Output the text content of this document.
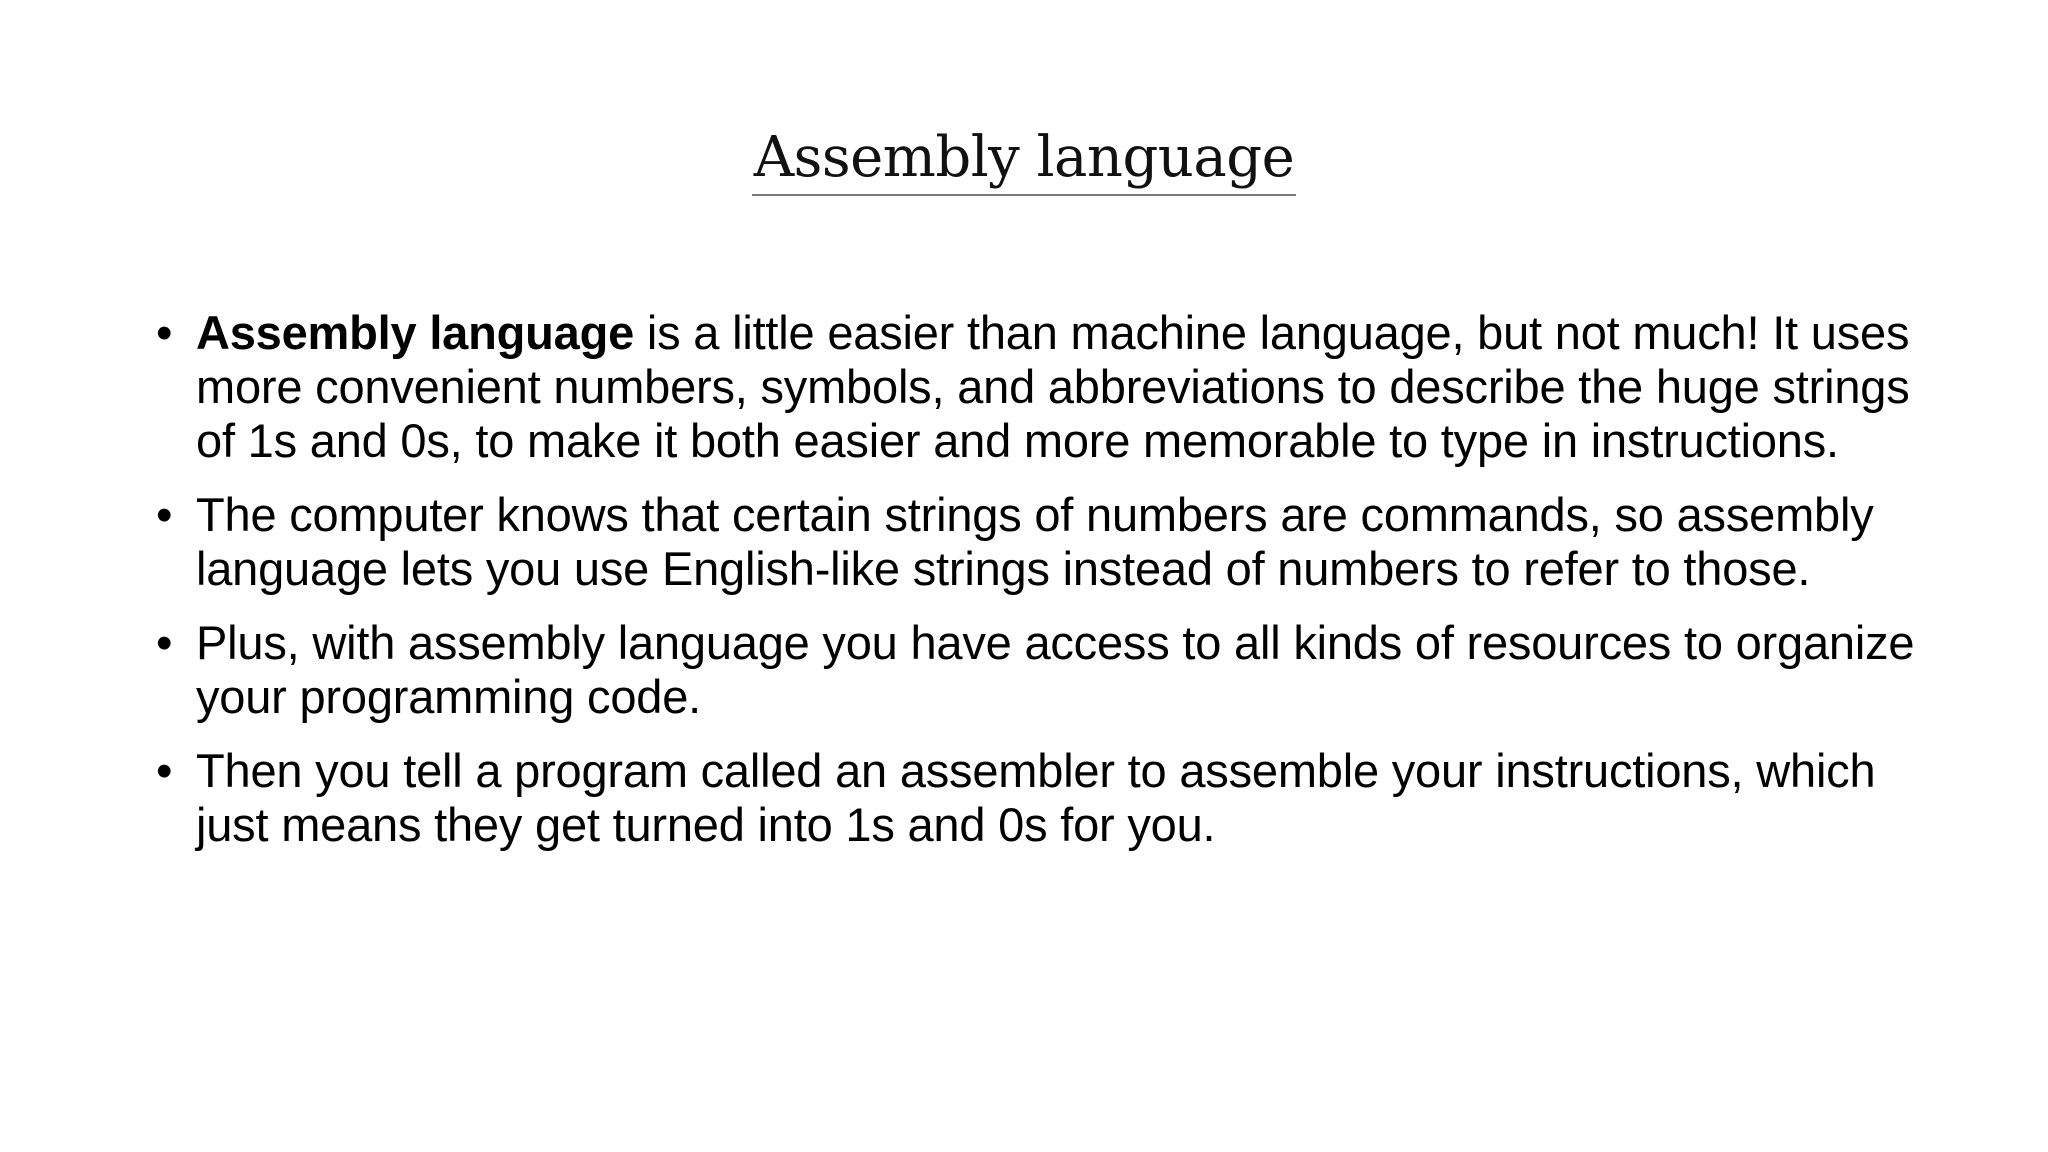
Assembly language
• Assembly language is a little easier than machine language, but not much! It uses more convenient numbers, symbols, and abbreviations to describe the huge strings of 1s and 0s, to make it both easier and more memorable to type in instructions.
• The computer knows that certain strings of numbers are commands, so assembly language lets you use English-like strings instead of numbers to refer to those.
• Plus, with assembly language you have access to all kinds of resources to organize your programming code.
• Then you tell a program called an assembler to assemble your instructions, which just means they get turned into 1s and 0s for you.
